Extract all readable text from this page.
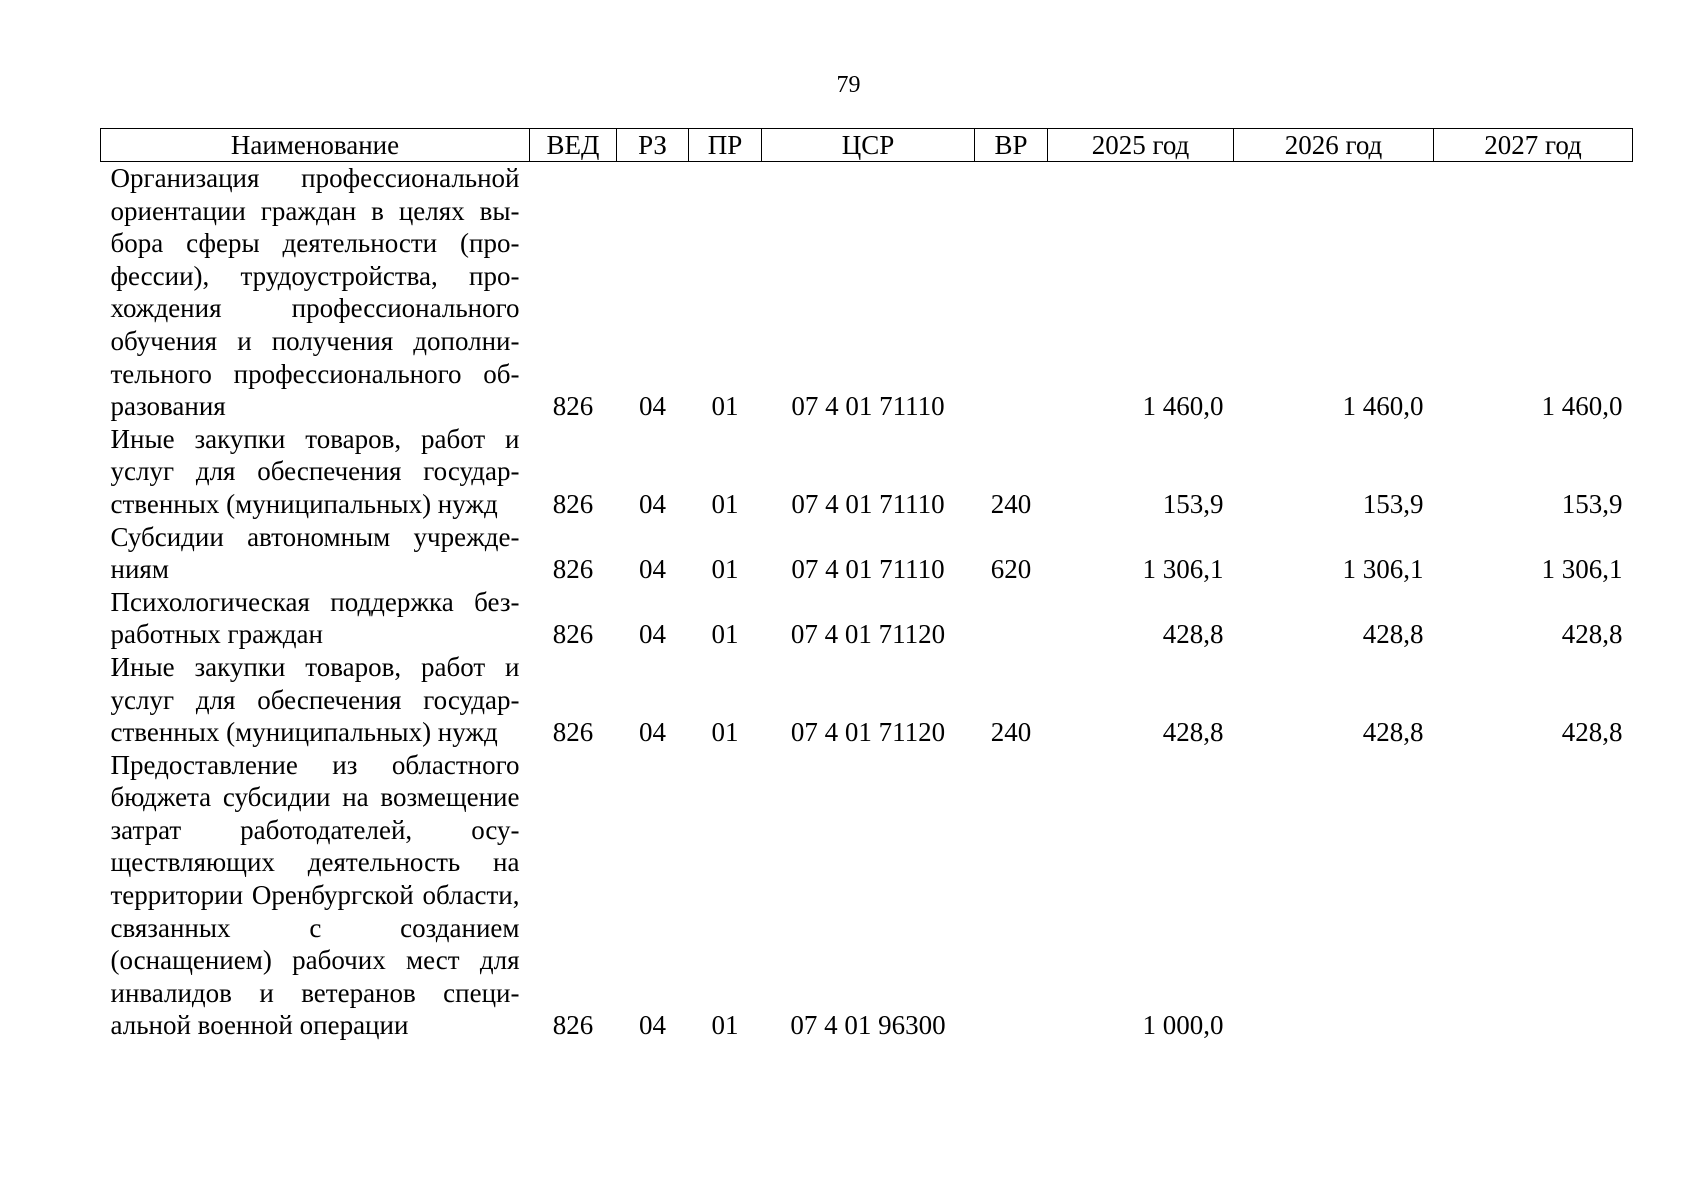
79
Наименование	ВЕД	РЗ	ПР	ЦСР	ВР	2025 год	2026 год	2027 год
Организация профессиональной ориентации граждан в целях выбора сферы деятельности (профессии), трудоустройства, прохождения профессионального обучения и получения дополнительного профессионального образования	826	04	01	07 4 01 71110		1 460,0	1 460,0	1 460,0
Иные закупки товаров, работ и услуг для обеспечения государственных (муниципальных) нужд	826	04	01	07 4 01 71110	240	153,9	153,9	153,9
Субсидии автономным учреждениям	826	04	01	07 4 01 71110	620	1 306,1	1 306,1	1 306,1
Психологическая поддержка безработных граждан	826	04	01	07 4 01 71120		428,8	428,8	428,8
Иные закупки товаров, работ и услуг для обеспечения государственных (муниципальных) нужд	826	04	01	07 4 01 71120	240	428,8	428,8	428,8
Предоставление из областного бюджета субсидии на возмещение затрат работодателей, осуществляющих деятельность на территории Оренбургской области, связанных с созданием (оснащением) рабочих мест для инвалидов и ветеранов специальной военной операции	826	04	01	07 4 01 96300		1 000,0		
